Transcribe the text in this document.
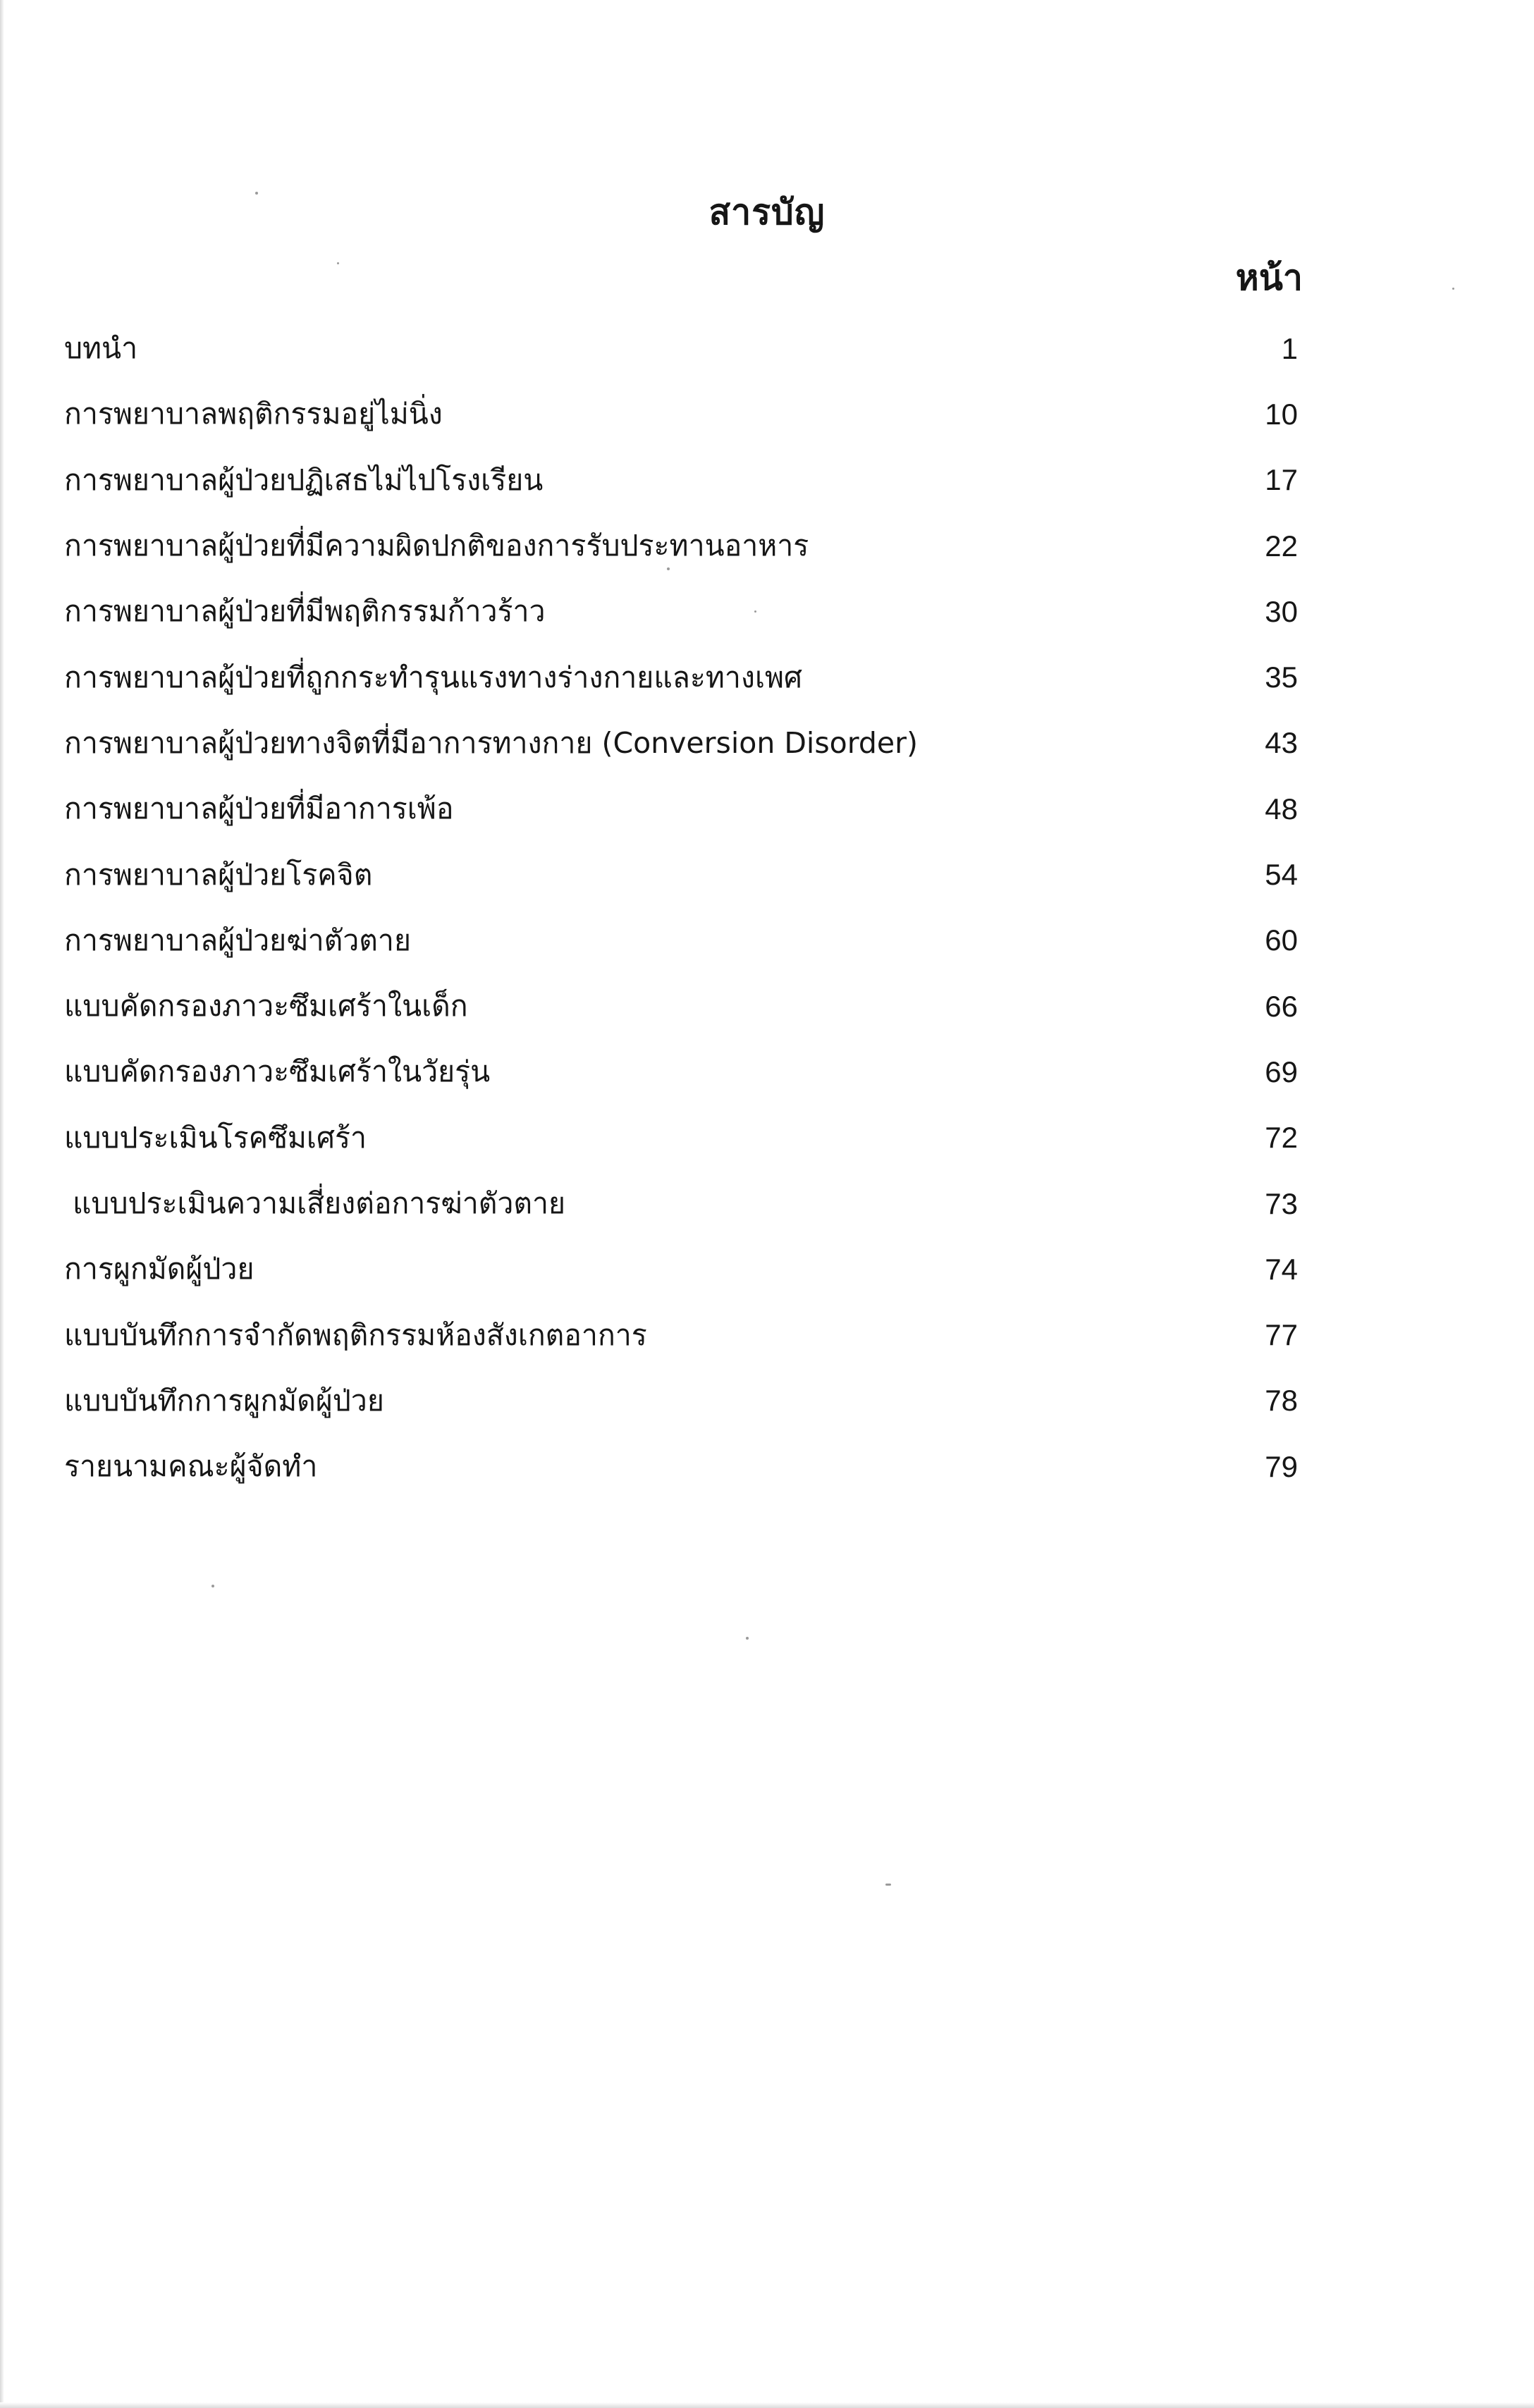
สารบัญ
หน้า
บทนำ	1
การพยาบาลพฤติกรรมอยู่ไม่นิ่ง	10
การพยาบาลผู้ป่วยปฏิเสธไม่ไปโรงเรียน	17
การพยาบาลผู้ป่วยที่มีความผิดปกติของการรับประทานอาหาร	22
การพยาบาลผู้ป่วยที่มีพฤติกรรมก้าวร้าว	30
การพยาบาลผู้ป่วยที่ถูกกระทำรุนแรงทางร่างกายและทางเพศ	35
การพยาบาลผู้ป่วยทางจิตที่มีอาการทางกาย (Conversion Disorder)	43
การพยาบาลผู้ป่วยที่มีอาการเพ้อ	48
การพยาบาลผู้ป่วยโรคจิต	54
การพยาบาลผู้ป่วยฆ่าตัวตาย	60
แบบคัดกรองภาวะซึมเศร้าในเด็ก	66
แบบคัดกรองภาวะซึมเศร้าในวัยรุ่น	69
แบบประเมินโรคซึมเศร้า	72
แบบประเมินความเสี่ยงต่อการฆ่าตัวตาย	73
การผูกมัดผู้ป่วย	74
แบบบันทึกการจำกัดพฤติกรรมห้องสังเกตอาการ	77
แบบบันทึกการผูกมัดผู้ป่วย	78
รายนามคณะผู้จัดทำ	79
